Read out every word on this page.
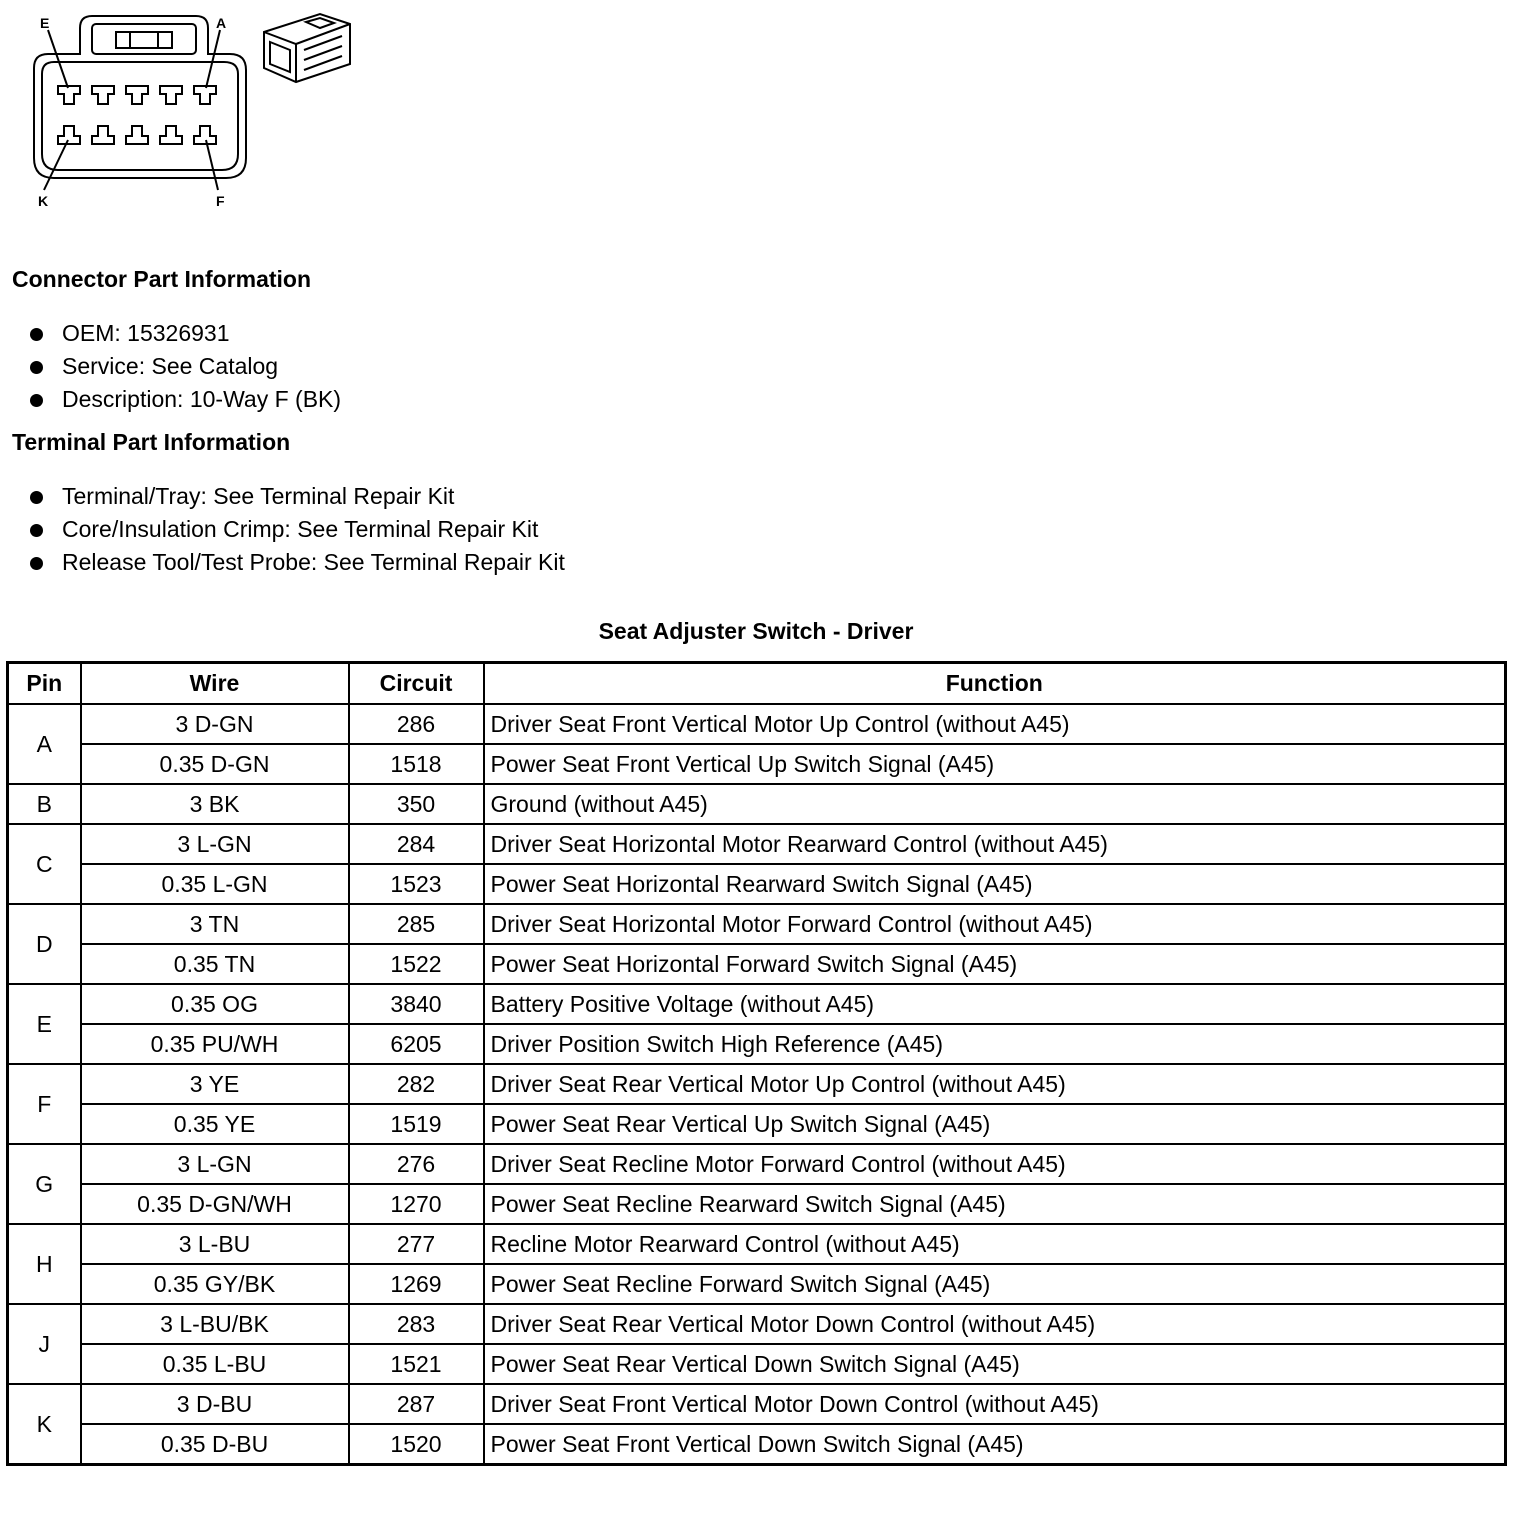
E	A
K	F
Connector Part Information
OEM: 15326931
Service: See Catalog
Description: 10-Way F (BK)
Terminal Part Information
Terminal/Tray: See Terminal Repair Kit
Core/Insulation Crimp: See Terminal Repair Kit
Release Tool/Test Probe: See Terminal Repair Kit
Seat Adjuster Switch - Driver
Pin	Wire	Circuit	Function
A	3 D-GN	286	Driver Seat Front Vertical Motor Up Control (without A45)
	0.35 D-GN	1518	Power Seat Front Vertical Up Switch Signal (A45)
B	3 BK	350	Ground (without A45)
C	3 L-GN	284	Driver Seat Horizontal Motor Rearward Control (without A45)
	0.35 L-GN	1523	Power Seat Horizontal Rearward Switch Signal (A45)
D	3 TN	285	Driver Seat Horizontal Motor Forward Control (without A45)
	0.35 TN	1522	Power Seat Horizontal Forward Switch Signal (A45)
E	0.35 OG	3840	Battery Positive Voltage (without A45)
	0.35 PU/WH	6205	Driver Position Switch High Reference (A45)
F	3 YE	282	Driver Seat Rear Vertical Motor Up Control (without A45)
	0.35 YE	1519	Power Seat Rear Vertical Up Switch Signal (A45)
G	3 L-GN	276	Driver Seat Recline Motor Forward Control (without A45)
	0.35 D-GN/WH	1270	Power Seat Recline Rearward Switch Signal (A45)
H	3 L-BU	277	Recline Motor Rearward Control (without A45)
	0.35 GY/BK	1269	Power Seat Recline Forward Switch Signal (A45)
J	3 L-BU/BK	283	Driver Seat Rear Vertical Motor Down Control (without A45)
	0.35 L-BU	1521	Power Seat Rear Vertical Down Switch Signal (A45)
K	3 D-BU	287	Driver Seat Front Vertical Motor Down Control (without A45)
	0.35 D-BU	1520	Power Seat Front Vertical Down Switch Signal (A45)
